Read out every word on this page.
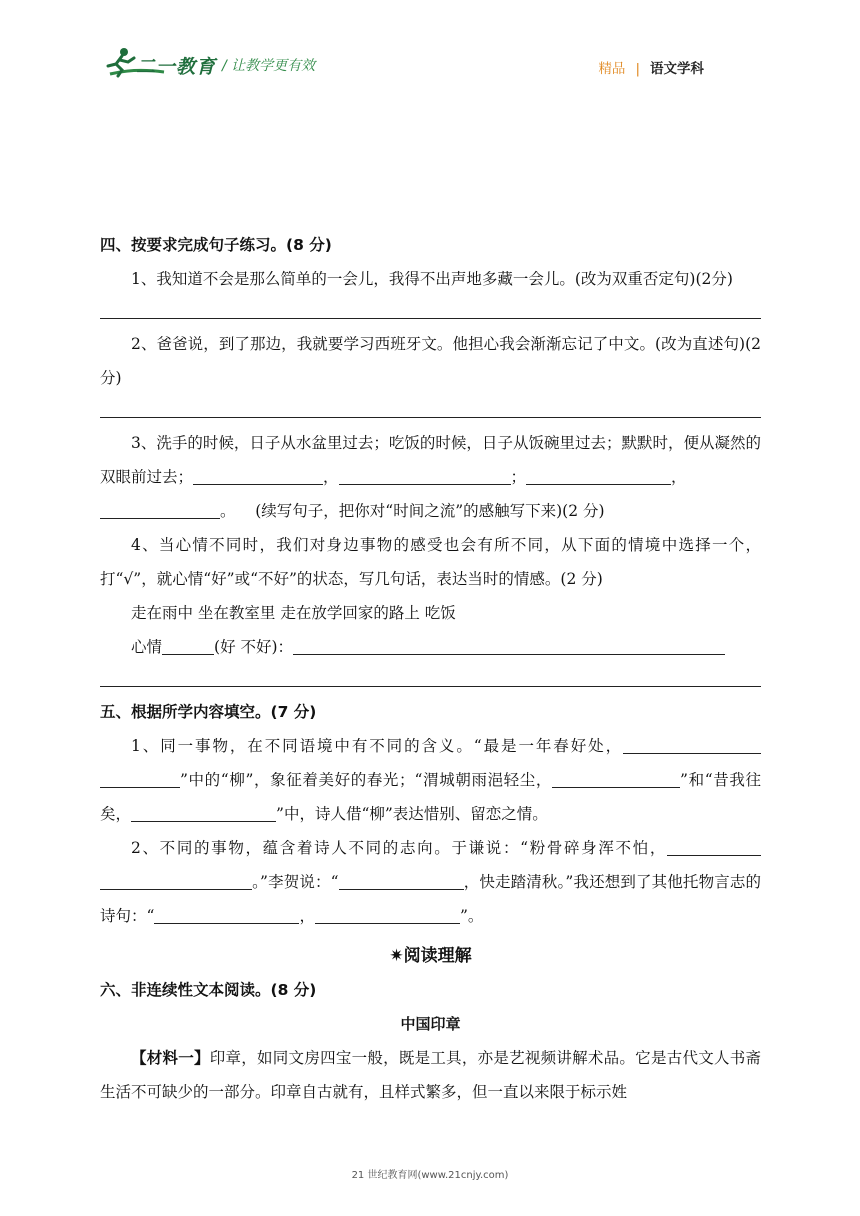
二一教育 / 让教学更有效	精品 | 语文学科
四、按要求完成句子练习。(8 分)
1、我知道不会是那么简单的一会儿，我得不出声地多藏一会儿。(改为双重否定句)(2分)
2、爸爸说，到了那边，我就要学习西班牙文。他担心我会渐渐忘记了中文。(改为直述句)(2 分)
3、洗手的时候，日子从水盆里过去；吃饭的时候，日子从饭碗里过去；默默时，便从凝然的双眼前过去；	，	；	，
。 (续写句子，把你对“时间之流”的感触写下来)(2 分)
4、当心情不同时，我们对身边事物的感受也会有所不同，从下面的情境中选择一个，打“√”，就心情“好”或“不好”的状态，写几句话，表达当时的情感。(2 分)
走在雨中 坐在教室里 走在放学回家的路上 吃饭
心情	(好 不好)：
五、根据所学内容填空。(7 分)
1、同一事物，在不同语境中有不同的含义。“最是一年春好处，”中的“柳”，象征着美好的春光；“渭城朝雨浥轻尘，	”和“昔我往矣，	”中，诗人借“柳”表达惜别、留恋之情。
2、不同的事物，蕴含着诗人不同的志向。于谦说：“粉骨碎身浑不怕，。”李贺说：“	，快走踏清秋。”我还想到了其他托物言志的诗句：“	，	”。
✷阅读理解
六、非连续性文本阅读。(8 分)
中国印章
【材料一】印章，如同文房四宝一般，既是工具，亦是艺视频讲解术品。它是古代文人书斋生活不可缺少的一部分。印章自古就有，且样式繁多，但一直以来限于标示姓
21 世纪教育网(www.21cnjy.com)
